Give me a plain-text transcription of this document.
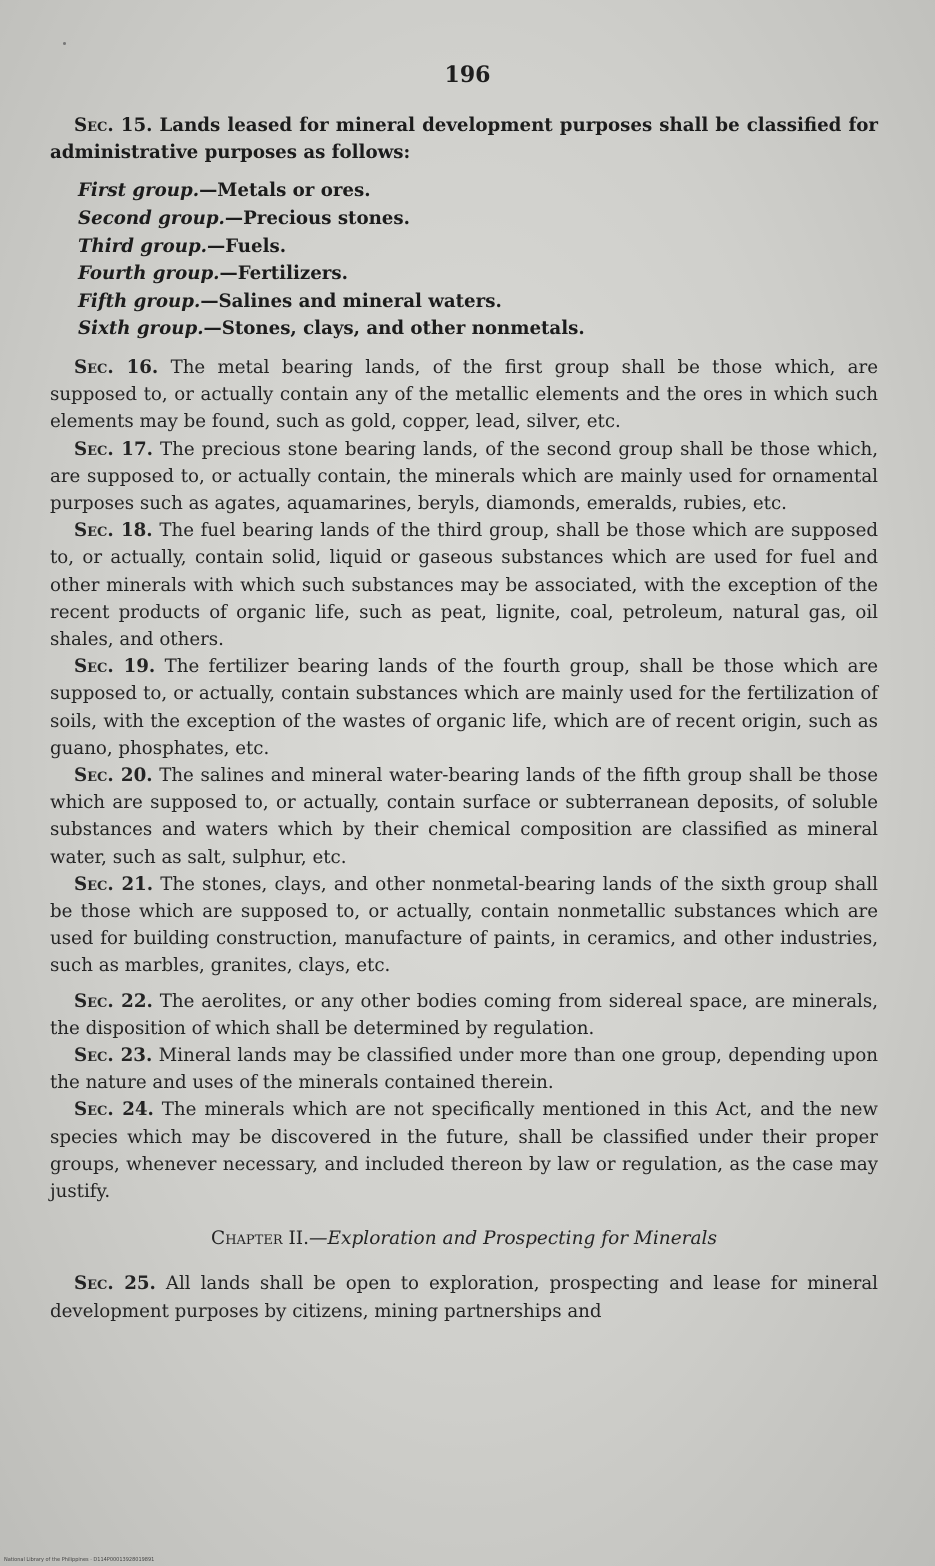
196

Sec. 15. Lands leased for mineral development purposes shall be classified for administrative purposes as follows:

First group.—Metals or ores.
Second group.—Precious stones.
Third group.—Fuels.
Fourth group.—Fertilizers.
Fifth group.—Salines and mineral waters.
Sixth group.—Stones, clays, and other nonmetals.

Sec. 16. The metal bearing lands, of the first group shall be those which, are supposed to, or actually contain any of the metallic elements and the ores in which such elements may be found, such as gold, copper, lead, silver, etc.

Sec. 17. The precious stone bearing lands, of the second group shall be those which, are supposed to, or actually contain, the minerals which are mainly used for ornamental purposes such as agates, aquamarines, beryls, diamonds, emeralds, rubies, etc.

Sec. 18. The fuel bearing lands of the third group, shall be those which are supposed to, or actually, contain solid, liquid or gaseous substances which are used for fuel and other minerals with which such substances may be associated, with the exception of the recent products of organic life, such as peat, lignite, coal, petroleum, natural gas, oil shales, and others.

Sec. 19. The fertilizer bearing lands of the fourth group, shall be those which are supposed to, or actually, contain substances which are mainly used for the fertilization of soils, with the exception of the wastes of organic life, which are of recent origin, such as guano, phosphates, etc.

Sec. 20. The salines and mineral water-bearing lands of the fifth group shall be those which are supposed to, or actually, contain surface or subterranean deposits, of soluble substances and waters which by their chemical composition are classified as mineral water, such as salt, sulphur, etc.

Sec. 21. The stones, clays, and other nonmetal-bearing lands of the sixth group shall be those which are supposed to, or actually, contain nonmetallic substances which are used for building construction, manufacture of paints, in ceramics, and other industries, such as marbles, granites, clays, etc.

Sec. 22. The aerolites, or any other bodies coming from sidereal space, are minerals, the disposition of which shall be determined by regulation.

Sec. 23. Mineral lands may be classified under more than one group, depending upon the nature and uses of the minerals contained therein.

Sec. 24. The minerals which are not specifically mentioned in this Act, and the new species which may be discovered in the future, shall be classified under their proper groups, whenever necessary, and included thereon by law or regulation, as the case may justify.

Chapter II.—Exploration and Prospecting for Minerals

Sec. 25. All lands shall be open to exploration, prospecting and lease for mineral development purposes by citizens, mining partnerships and

National Library of the Philippines · D114P00013928019891
